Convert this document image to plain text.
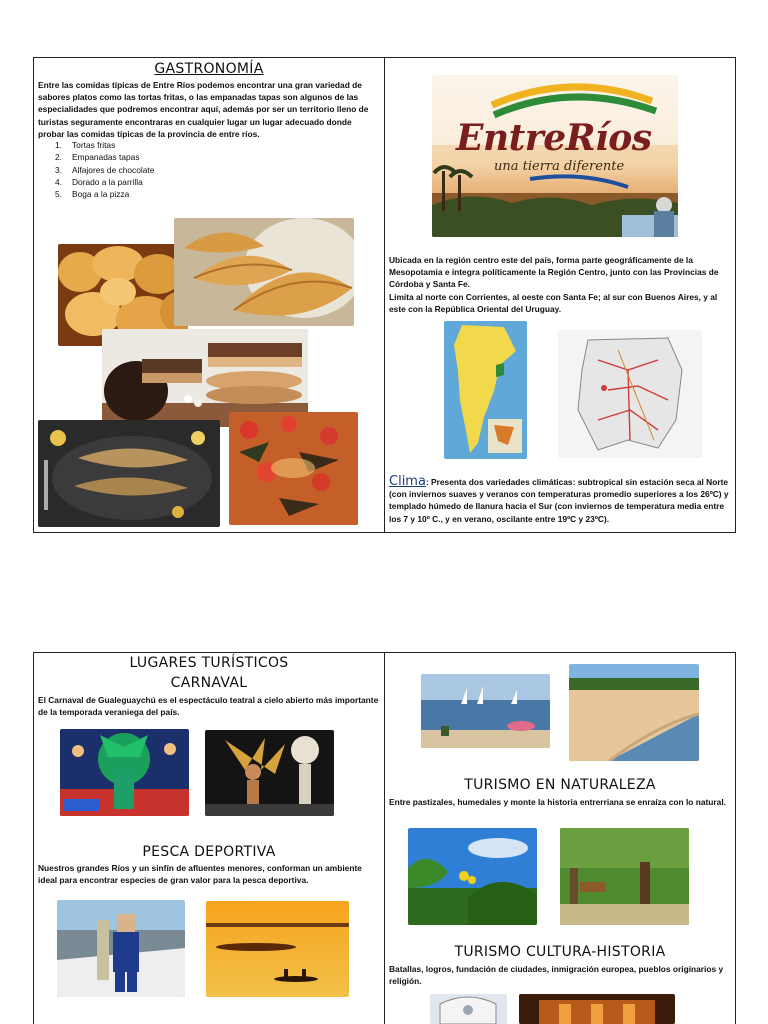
GASTRONOMÍA
Entre las comidas típicas de Entre Ríos podemos encontrar una gran variedad de sabores platos como las tortas fritas, o las empanadas tapas son algunos de las especialidades que podremos encontrar aquí, además por ser un territorio lleno de turistas seguramente encontraras en cualquier lugar un lugar adecuado donde probar las comidas típicas de la provincia de entre ríos.
1. Tortas fritas
2. Empanadas tapas
3. Alfajores de chocolate
4. Dorado a la parrilla
5. Boga a la pizza
EntreRíos
una tierra diferente
Ubicada en la región centro este del país, forma parte geográficamente de la Mesopotamia e integra políticamente la Región Centro, junto con las Provincias de Córdoba y Santa Fe.
Limita al norte con Corrientes, al oeste con Santa Fe; al sur con Buenos Aires, y al este con la República Oriental del Uruguay.
Clima: Presenta dos variedades climáticas: subtropical sin estación seca al Norte (con inviernos suaves y veranos con temperaturas promedio superiores a los 26ºC) y templado húmedo de llanura hacia el Sur (con inviernos de temperatura media entre los 7 y 10º C., y en verano, oscilante entre 19ºC y 23ºC).
LUGARES TURÍSTICOS
CARNAVAL
El Carnaval de Gualeguaychú es el espectáculo teatral a cielo abierto más importante de la temporada veraniega del país.
PESCA DEPORTIVA
Nuestros grandes Ríos y un sinfín de afluentes menores, conforman un ambiente ideal para encontrar especies de gran valor para la pesca deportiva.
TURISMO EN NATURALEZA
Entre pastizales, humedales y monte la historia entrerriana se enraíza con lo natural.
TURISMO CULTURA-HISTORIA
Batallas, logros, fundación de ciudades, inmigración europea, pueblos originarios y religión.
